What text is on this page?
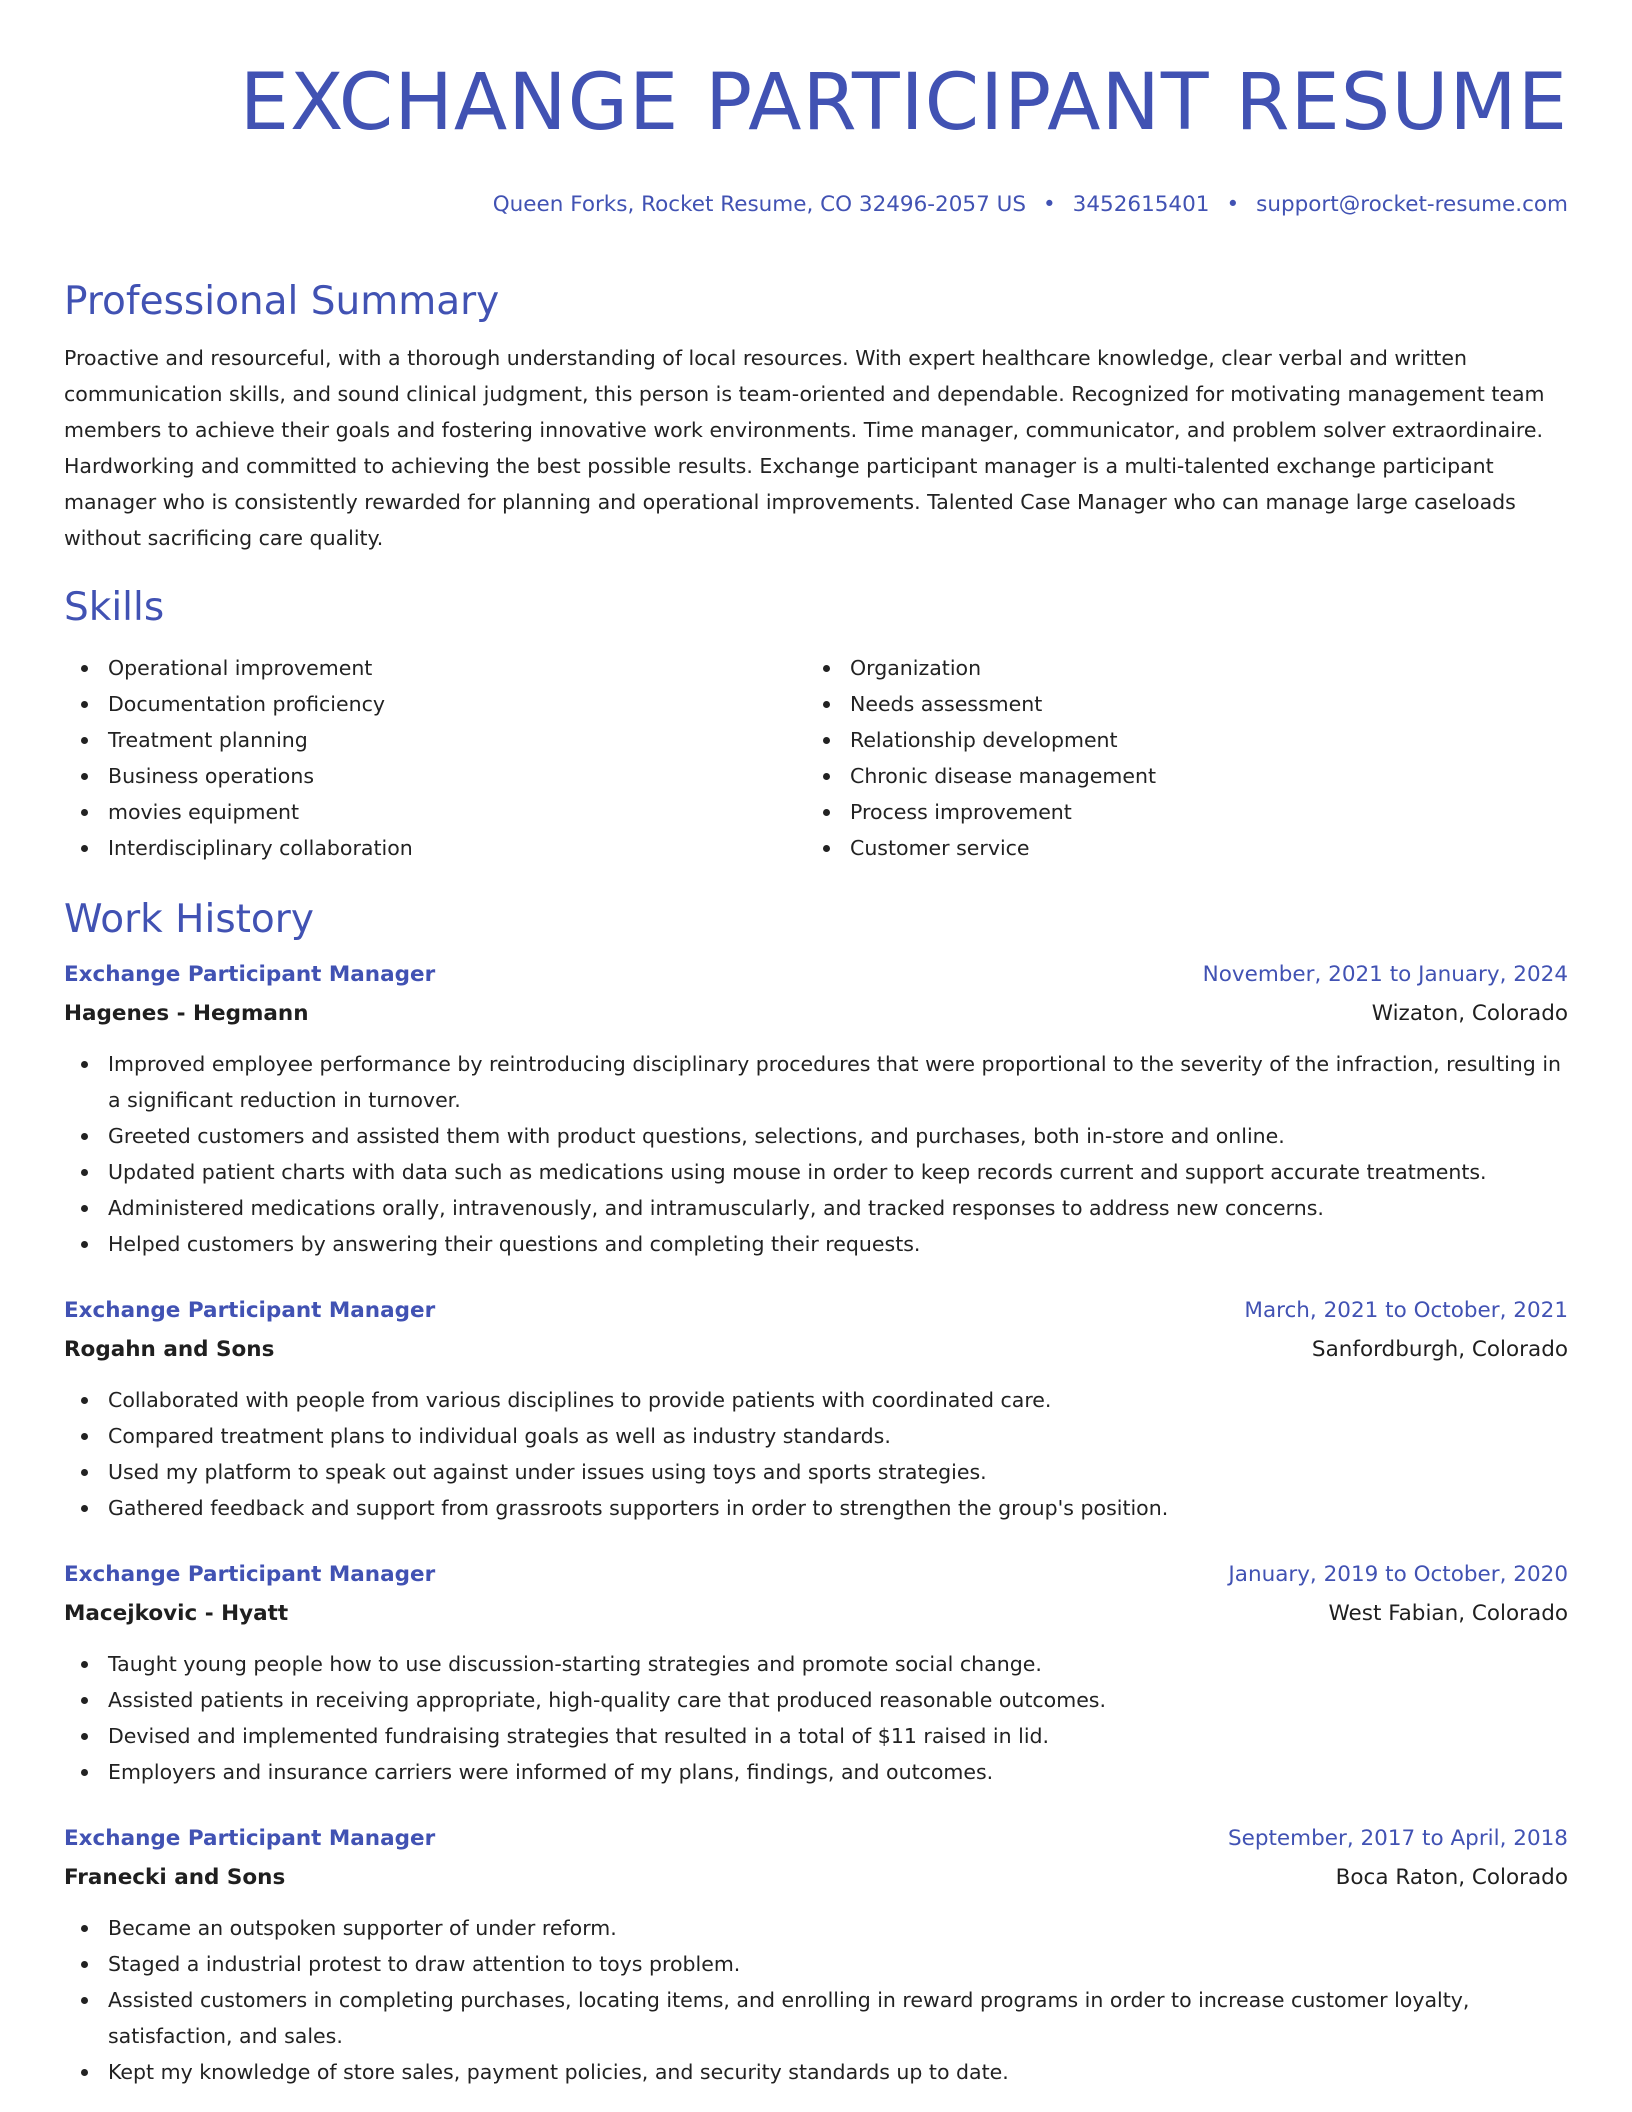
EXCHANGE PARTICIPANT RESUME
Queen Forks, Rocket Resume, CO 32496-2057 US • 3452615401 • support@rocket-resume.com
Professional Summary
Proactive and resourceful, with a thorough understanding of local resources. With expert healthcare knowledge, clear verbal and written communication skills, and sound clinical judgment, this person is team-oriented and dependable. Recognized for motivating management team members to achieve their goals and fostering innovative work environments. Time manager, communicator, and problem solver extraordinaire. Hardworking and committed to achieving the best possible results. Exchange participant manager is a multi-talented exchange participant manager who is consistently rewarded for planning and operational improvements. Talented Case Manager who can manage large caseloads without sacrificing care quality.
Skills
Operational improvement
Documentation proficiency
Treatment planning
Business operations
movies equipment
Interdisciplinary collaboration
Organization
Needs assessment
Relationship development
Chronic disease management
Process improvement
Customer service
Work History
Exchange Participant Manager	November, 2021 to January, 2024
Hagenes - Hegmann	Wizaton, Colorado
Improved employee performance by reintroducing disciplinary procedures that were proportional to the severity of the infraction, resulting in a significant reduction in turnover.
Greeted customers and assisted them with product questions, selections, and purchases, both in-store and online.
Updated patient charts with data such as medications using mouse in order to keep records current and support accurate treatments.
Administered medications orally, intravenously, and intramuscularly, and tracked responses to address new concerns.
Helped customers by answering their questions and completing their requests.
Exchange Participant Manager	March, 2021 to October, 2021
Rogahn and Sons	Sanfordburgh, Colorado
Collaborated with people from various disciplines to provide patients with coordinated care.
Compared treatment plans to individual goals as well as industry standards.
Used my platform to speak out against under issues using toys and sports strategies.
Gathered feedback and support from grassroots supporters in order to strengthen the group's position.
Exchange Participant Manager	January, 2019 to October, 2020
Macejkovic - Hyatt	West Fabian, Colorado
Taught young people how to use discussion-starting strategies and promote social change.
Assisted patients in receiving appropriate, high-quality care that produced reasonable outcomes.
Devised and implemented fundraising strategies that resulted in a total of $11 raised in lid.
Employers and insurance carriers were informed of my plans, findings, and outcomes.
Exchange Participant Manager	September, 2017 to April, 2018
Franecki and Sons	Boca Raton, Colorado
Became an outspoken supporter of under reform.
Staged a industrial protest to draw attention to toys problem.
Assisted customers in completing purchases, locating items, and enrolling in reward programs in order to increase customer loyalty, satisfaction, and sales.
Kept my knowledge of store sales, payment policies, and security standards up to date.
